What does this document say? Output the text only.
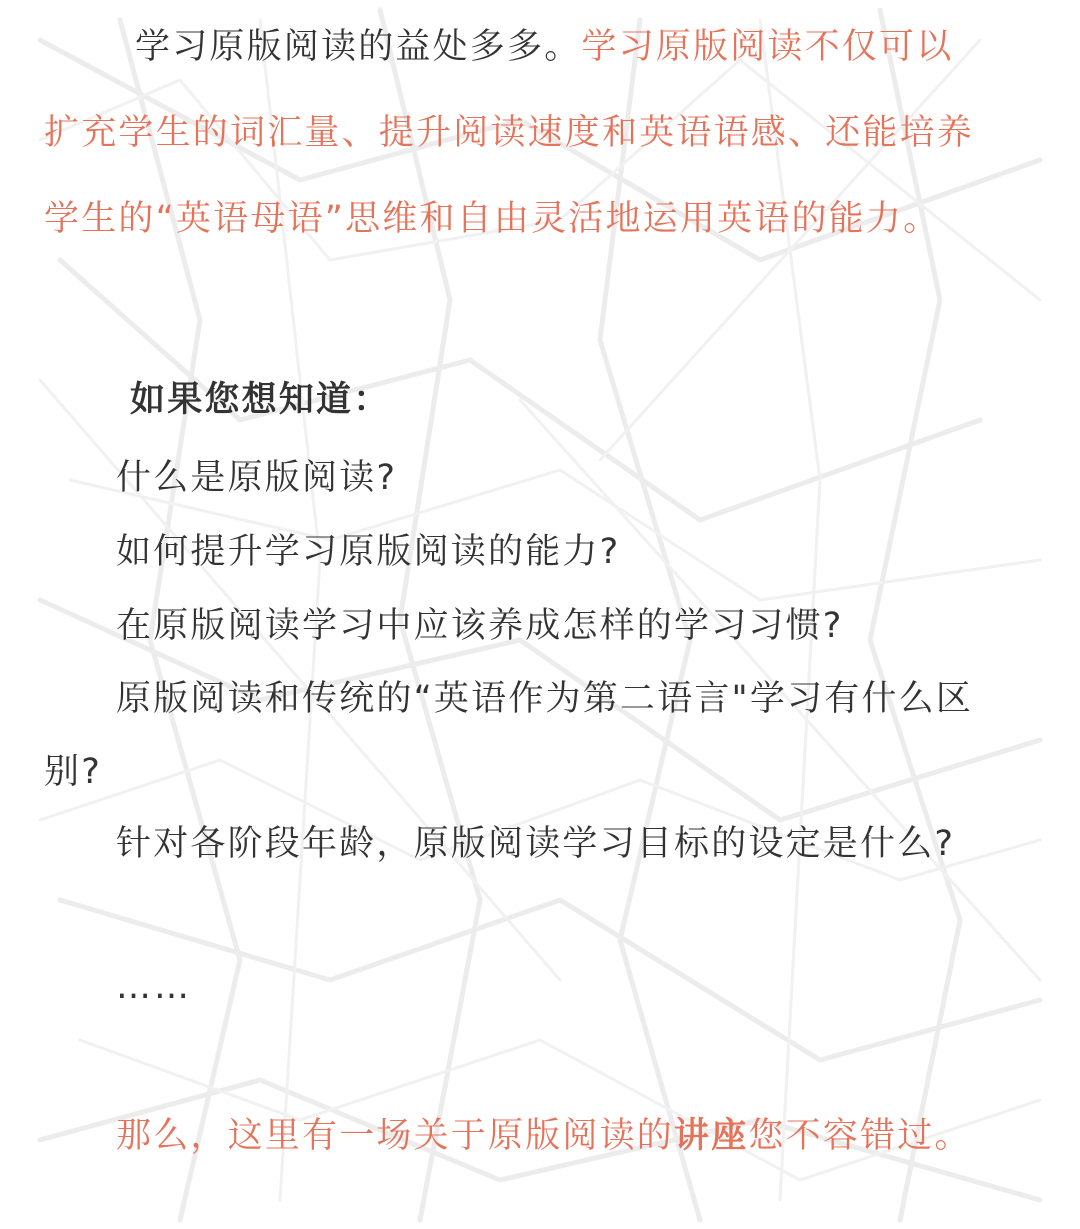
学习原版阅读的益处多多。学习原版阅读不仅可以

扩充学生的词汇量、提升阅读速度和英语语感、还能培养

学生的“英语母语”思维和自由灵活地运用英语的能力。

如果您想知道：

什么是原版阅读?

如何提升学习原版阅读的能力?

在原版阅读学习中应该养成怎样的学习习惯?

原版阅读和传统的“英语作为第二语言"学习有什么区

别?

针对各阶段年龄，原版阅读学习目标的设定是什么?

……

那么，这里有一场关于原版阅读的讲座您不容错过。
